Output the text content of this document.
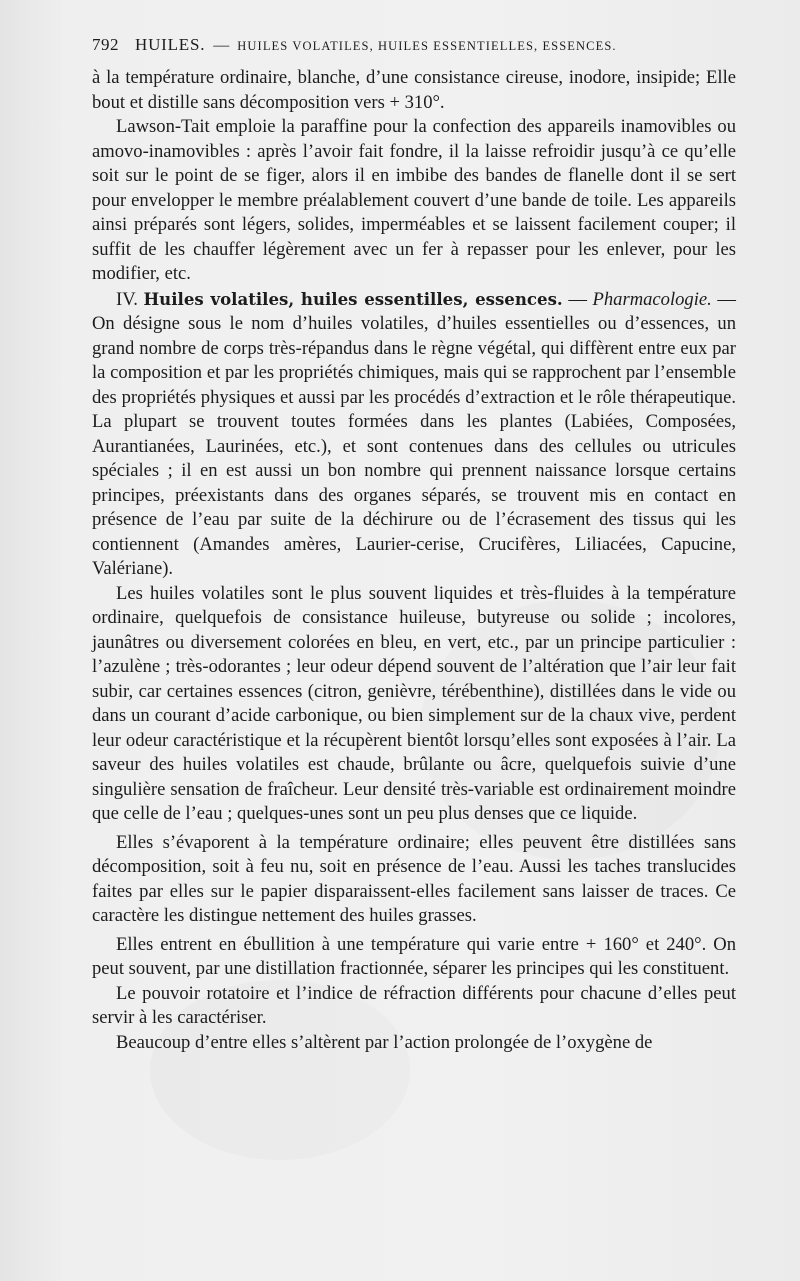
792 HUILES. — HUILES VOLATILES, HUILES ESSENTIELLES, ESSENCES.

à la température ordinaire, blanche, d’une consistance cireuse, inodore, insipide; Elle bout et distille sans décomposition vers + 310°.

Lawson-Tait emploie la paraffine pour la confection des appareils inamovibles ou amovo-inamovibles : après l’avoir fait fondre, il la laisse refroidir jusqu’à ce qu’elle soit sur le point de se figer, alors il en imbibe des bandes de flanelle dont il se sert pour envelopper le membre préalablement couvert d’une bande de toile. Les appareils ainsi préparés sont légers, solides, imperméables et se laissent facilement couper; il suffit de les chauffer légèrement avec un fer à repasser pour les enlever, pour les modifier, etc.

IV. Huiles volatiles, huiles essentilles, essences. — Pharmacologie. — On désigne sous le nom d’huiles volatiles, d’huiles essentielles ou d’essences, un grand nombre de corps très-répandus dans le règne végétal, qui diffèrent entre eux par la composition et par les propriétés chimiques, mais qui se rapprochent par l’ensemble des propriétés physiques et aussi par les procédés d’extraction et le rôle thérapeutique. La plupart se trouvent toutes formées dans les plantes (Labiées, Composées, Aurantianées, Laurinées, etc.), et sont contenues dans des cellules ou utricules spéciales ; il en est aussi un bon nombre qui prennent naissance lorsque certains principes, préexistants dans des organes séparés, se trouvent mis en contact en présence de l’eau par suite de la déchirure ou de l’écrasement des tissus qui les contiennent (Amandes amères, Laurier-cerise, Crucifères, Liliacées, Capucine, Valériane).

Les huiles volatiles sont le plus souvent liquides et très-fluides à la température ordinaire, quelquefois de consistance huileuse, butyreuse ou solide ; incolores, jaunâtres ou diversement colorées en bleu, en vert, etc., par un principe particulier : l’azulène ; très-odorantes ; leur odeur dépend souvent de l’altération que l’air leur fait subir, car certaines essences (citron, genièvre, térébenthine), distillées dans le vide ou dans un courant d’acide carbonique, ou bien simplement sur de la chaux vive, perdent leur odeur caractéristique et la récupèrent bientôt lorsqu’elles sont exposées à l’air. La saveur des huiles volatiles est chaude, brûlante ou âcre, quelquefois suivie d’une singulière sensation de fraîcheur. Leur densité très-variable est ordinairement moindre que celle de l’eau ; quelques-unes sont un peu plus denses que ce liquide.

Elles s’évaporent à la température ordinaire; elles peuvent être distillées sans décomposition, soit à feu nu, soit en présence de l’eau. Aussi les taches translucides faites par elles sur le papier disparaissent-elles facilement sans laisser de traces. Ce caractère les distingue nettement des huiles grasses.

Elles entrent en ébullition à une température qui varie entre + 160° et 240°. On peut souvent, par une distillation fractionnée, séparer les principes qui les constituent.

Le pouvoir rotatoire et l’indice de réfraction différents pour chacune d’elles peut servir à les caractériser.

Beaucoup d’entre elles s’altèrent par l’action prolongée de l’oxygène de
